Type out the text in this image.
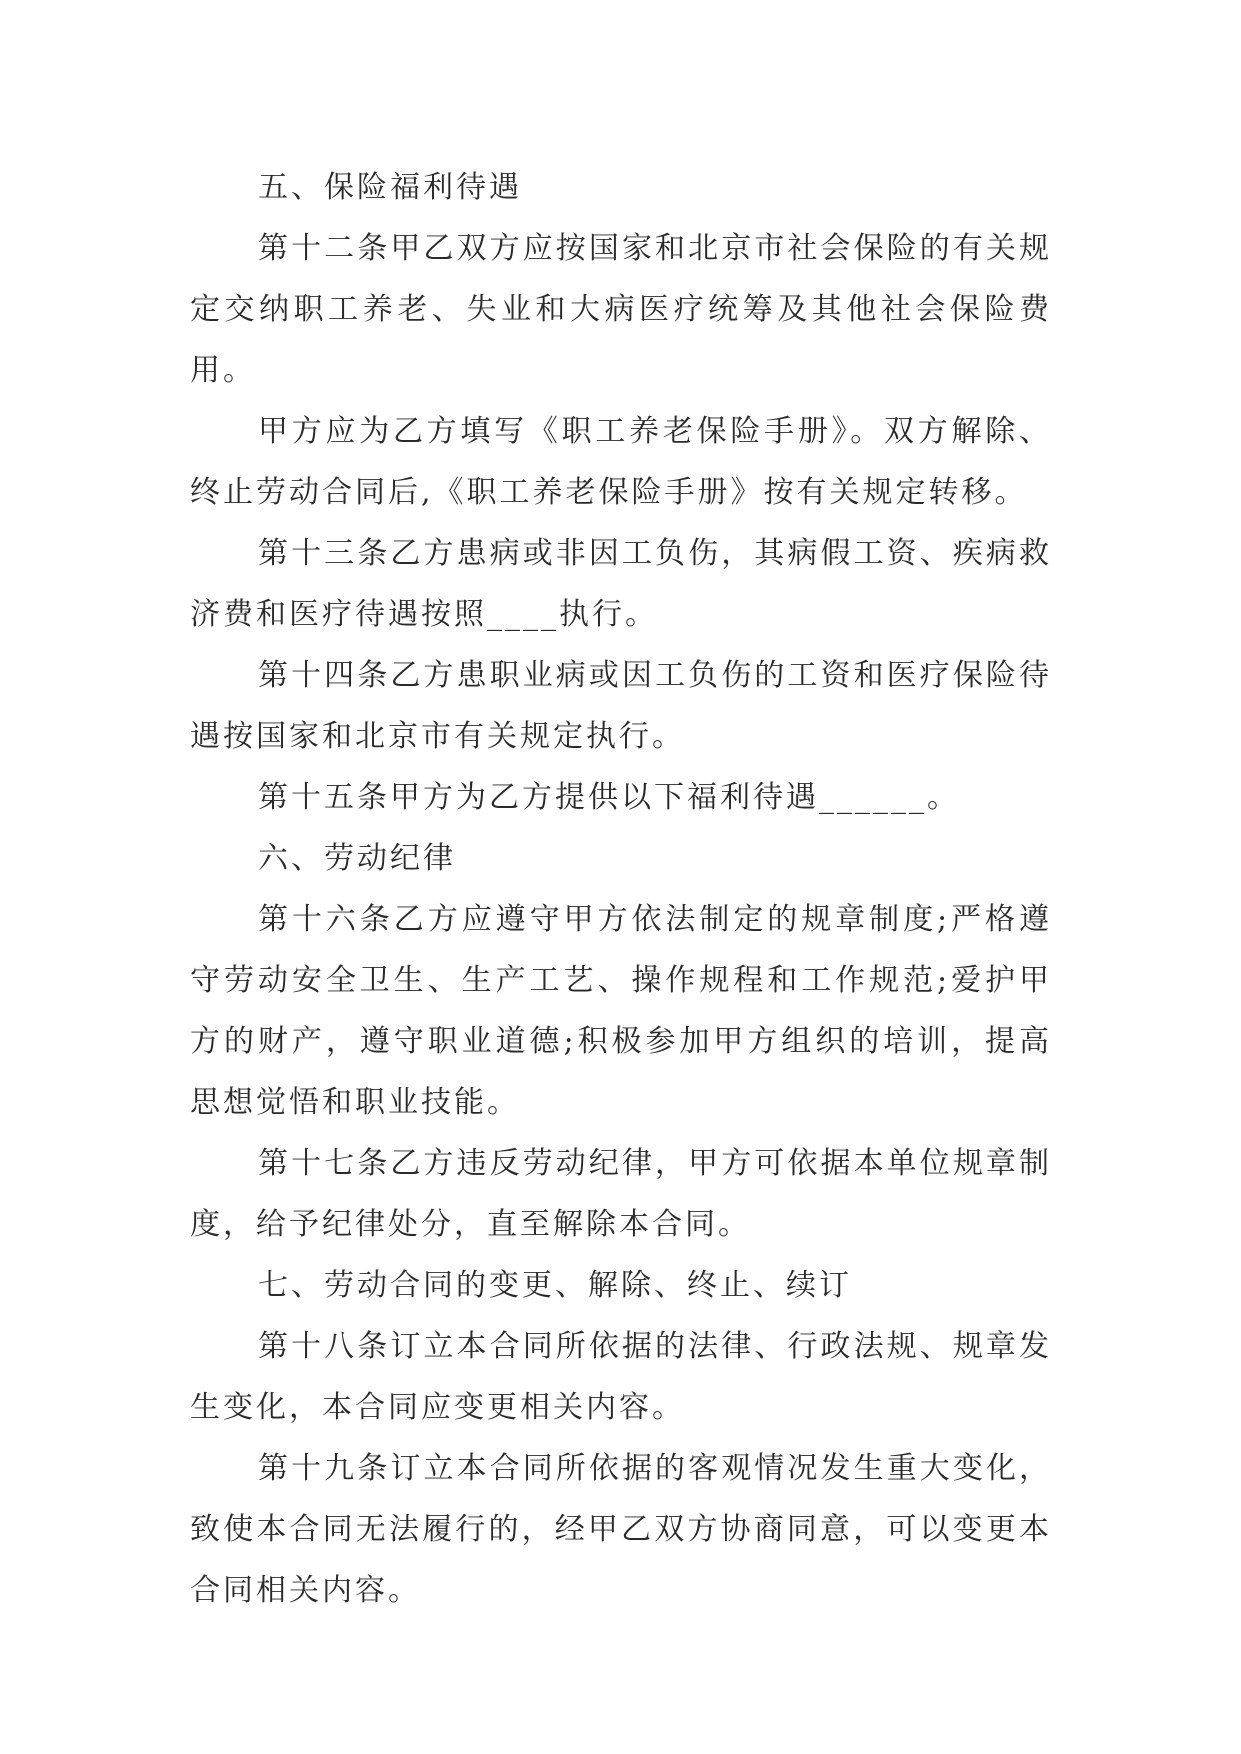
五、保险福利待遇

第十二条甲乙双方应按国家和北京市社会保险的有关规定交纳职工养老、失业和大病医疗统筹及其他社会保险费用。

甲方应为乙方填写《职工养老保险手册》。双方解除、终止劳动合同后,《职工养老保险手册》按有关规定转移。

第十三条乙方患病或非因工负伤，其病假工资、疾病救济费和医疗待遇按照____执行。

第十四条乙方患职业病或因工负伤的工资和医疗保险待遇按国家和北京市有关规定执行。

第十五条甲方为乙方提供以下福利待遇______。

六、劳动纪律

第十六条乙方应遵守甲方依法制定的规章制度;严格遵守劳动安全卫生、生产工艺、操作规程和工作规范;爱护甲方的财产，遵守职业道德;积极参加甲方组织的培训，提高思想觉悟和职业技能。

第十七条乙方违反劳动纪律，甲方可依据本单位规章制度，给予纪律处分，直至解除本合同。

七、劳动合同的变更、解除、终止、续订

第十八条订立本合同所依据的法律、行政法规、规章发生变化，本合同应变更相关内容。

第十九条订立本合同所依据的客观情况发生重大变化，致使本合同无法履行的，经甲乙双方协商同意，可以变更本合同相关内容。
